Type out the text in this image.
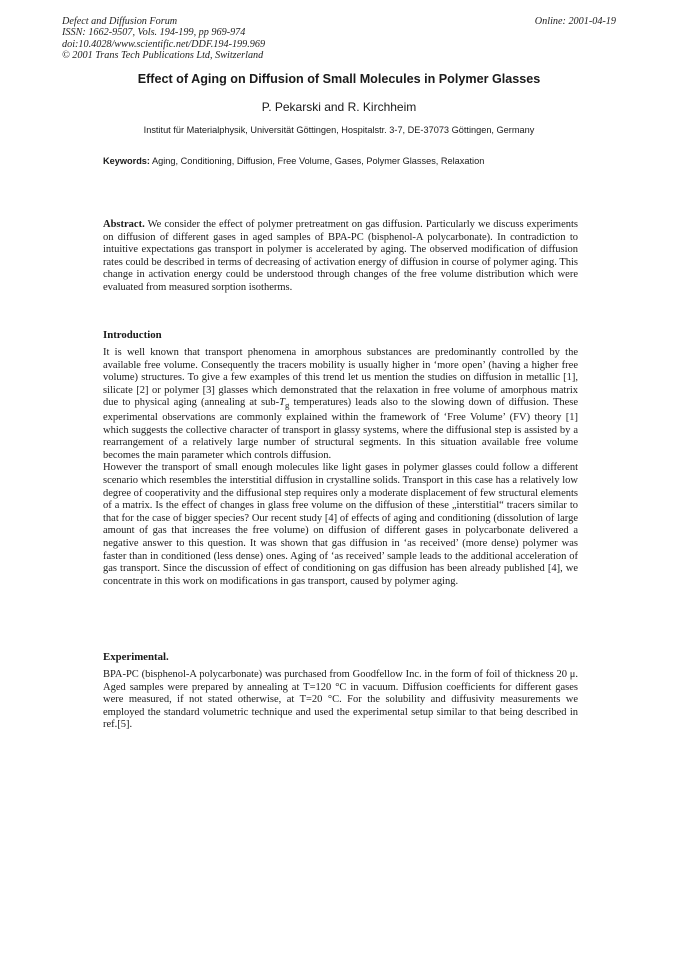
Defect and Diffusion Forum
ISSN: 1662-9507, Vols. 194-199, pp 969-974
doi:10.4028/www.scientific.net/DDF.194-199.969
© 2001 Trans Tech Publications Ltd, Switzerland
Online: 2001-04-19
Effect of Aging on Diffusion of Small Molecules in Polymer Glasses
P. Pekarski and R. Kirchheim
Institut für Materialphysik, Universität Göttingen, Hospitalstr. 3-7, DE-37073 Göttingen, Germany
Keywords: Aging, Conditioning, Diffusion, Free Volume, Gases, Polymer Glasses, Relaxation

Abstract. We consider the effect of polymer pretreatment on gas diffusion. Particularly we discuss experiments on diffusion of different gases in aged samples of BPA-PC (bisphenol-A polycarbonate). In contradiction to intuitive expectations gas transport in polymer is accelerated by aging. The observed modification of diffusion rates could be described in terms of decreasing of activation energy of diffusion in course of polymer aging. This change in activation energy could be understood through changes of the free volume distribution which were evaluated from measured sorption isotherms.

Introduction

It is well known that transport phenomena in amorphous substances are predominantly controlled by the available free volume. Consequently the tracers mobility is usually higher in ‘more open’ (having a higher free volume) structures. To give a few examples of this trend let us mention the studies on diffusion in metallic [1], silicate [2] or polymer [3] glasses which demonstrated that the relaxation in free volume of amorphous matrix due to physical aging (annealing at sub-$T_g$ temperatures) leads also to the slowing down of diffusion. These experimental observations are commonly explained within the framework of ‘Free Volume’ (FV) theory [1] which suggests the collective character of transport in glassy systems, where the diffusional step is assisted by a rearrangement of a relatively large number of structural segments. In this situation available free volume becomes the main parameter which controls diffusion.

However the transport of small enough molecules like light gases in polymer glasses could follow a different scenario which resembles the interstitial diffusion in crystalline solids. Transport in this case has a relatively low degree of cooperativity and the diffusional step requires only a moderate displacement of few structural elements of a matrix. Is the effect of changes in glass free volume on the diffusion of these „interstitial“ tracers similar to that for the case of bigger species? Our recent study [4] of effects of aging and conditioning (dissolution of large amount of gas that increases the free volume) on diffusion of different gases in polycarbonate delivered a negative answer to this question. It was shown that gas diffusion in ‘as received’ (more dense) polymer was faster than in conditioned (less dense) ones. Aging of ‘as received’ sample leads to the additional acceleration of gas transport. Since the discussion of effect of conditioning on gas diffusion has been already published [4], we concentrate in this work on modifications in gas transport, caused by polymer aging.

Experimental.

BPA-PC (bisphenol-A polycarbonate) was purchased from Goodfellow Inc. in the form of foil of thickness 20 μ. Aged samples were prepared by annealing at T=120 °C in vacuum. Diffusion coefficients for different gases were measured, if not stated otherwise, at T=20 °C. For the solubility and diffusivity measurements we employed the standard volumetric technique and used the experimental setup similar to that being described in ref.[5].
